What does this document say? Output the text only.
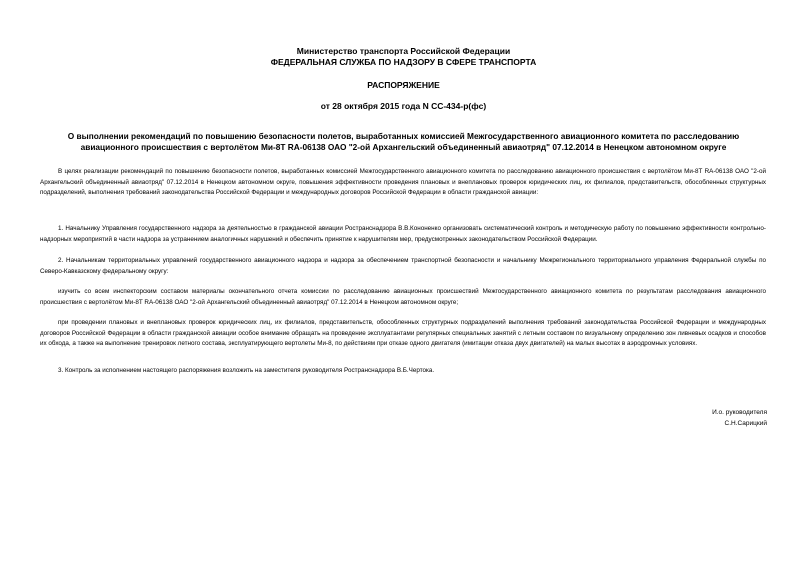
Министерство транспорта Российской Федерации
ФЕДЕРАЛЬНАЯ СЛУЖБА ПО НАДЗОРУ В СФЕРЕ ТРАНСПОРТА
РАСПОРЯЖЕНИЕ
от 28 октября 2015 года N СС-434-р(фс)
О выполнении рекомендаций по повышению безопасности полетов, выработанных комиссией Межгосударственного авиационного комитета по расследованию авиационного происшествия с вертолётом Ми-8Т RA-06138 ОАО "2-ой Архангельский объединенный авиаотряд" 07.12.2014 в Ненецком автономном округе
В целях реализации рекомендаций по повышению безопасности полетов, выработанных комиссией Межгосударственного авиационного комитета по расследованию авиационного происшествия с вертолётом Ми-8Т RA-06138 ОАО "2-ой Архангельский объединенный авиаотряд" 07.12.2014 в Ненецком автономном округе, повышения эффективности проведения плановых и внеплановых проверок юридических лиц, их филиалов, представительств, обособленных структурных подразделений, выполнения требований законодательства Российской Федерации и международных договоров Российской Федерации в области гражданской авиации:
1. Начальнику Управления государственного надзора за деятельностью в гражданской авиации Ространснадзора В.В.Кононенко организовать систематический контроль и методическую работу по повышению эффективности контрольно-надзорных мероприятий в части надзора за устранением аналогичных нарушений и обеспечить принятие к нарушителям мер, предусмотренных законодательством Российской Федерации.
2. Начальникам территориальных управлений государственного авиационного надзора и надзора за обеспечением транспортной безопасности и начальнику Межрегионального территориального управления Федеральной службы по Северо-Кавказскому федеральному округу:
изучить со всем инспекторским составом материалы окончательного отчета комиссии по расследованию авиационных происшествий Межгосударственного авиационного комитета по результатам расследования авиационного происшествия с вертолётом Ми-8Т RA-06138 ОАО "2-ой Архангельский объединенный авиаотряд" 07.12.2014 в Ненецком автономном округе;
при проведении плановых и внеплановых проверок юридических лиц, их филиалов, представительств, обособленных структурных подразделений выполнения требований законодательства Российской Федерации и международных договоров Российской Федерации в области гражданской авиации особое внимание обращать на проведение эксплуатантами регулярных специальных занятий с летным составом по визуальному определению зон ливневых осадков и способов их обхода, а также на выполнение тренировок летного состава, эксплуатирующего вертолеты Ми-8, по действиям при отказе одного двигателя (имитации отказа двух двигателей) на малых высотах в аэродромных условиях.
3. Контроль за исполнением настоящего распоряжения возложить на заместителя руководителя Ространснадзора В.Б.Чертока.
И.о. руководителя
С.Н.Сарицкий
